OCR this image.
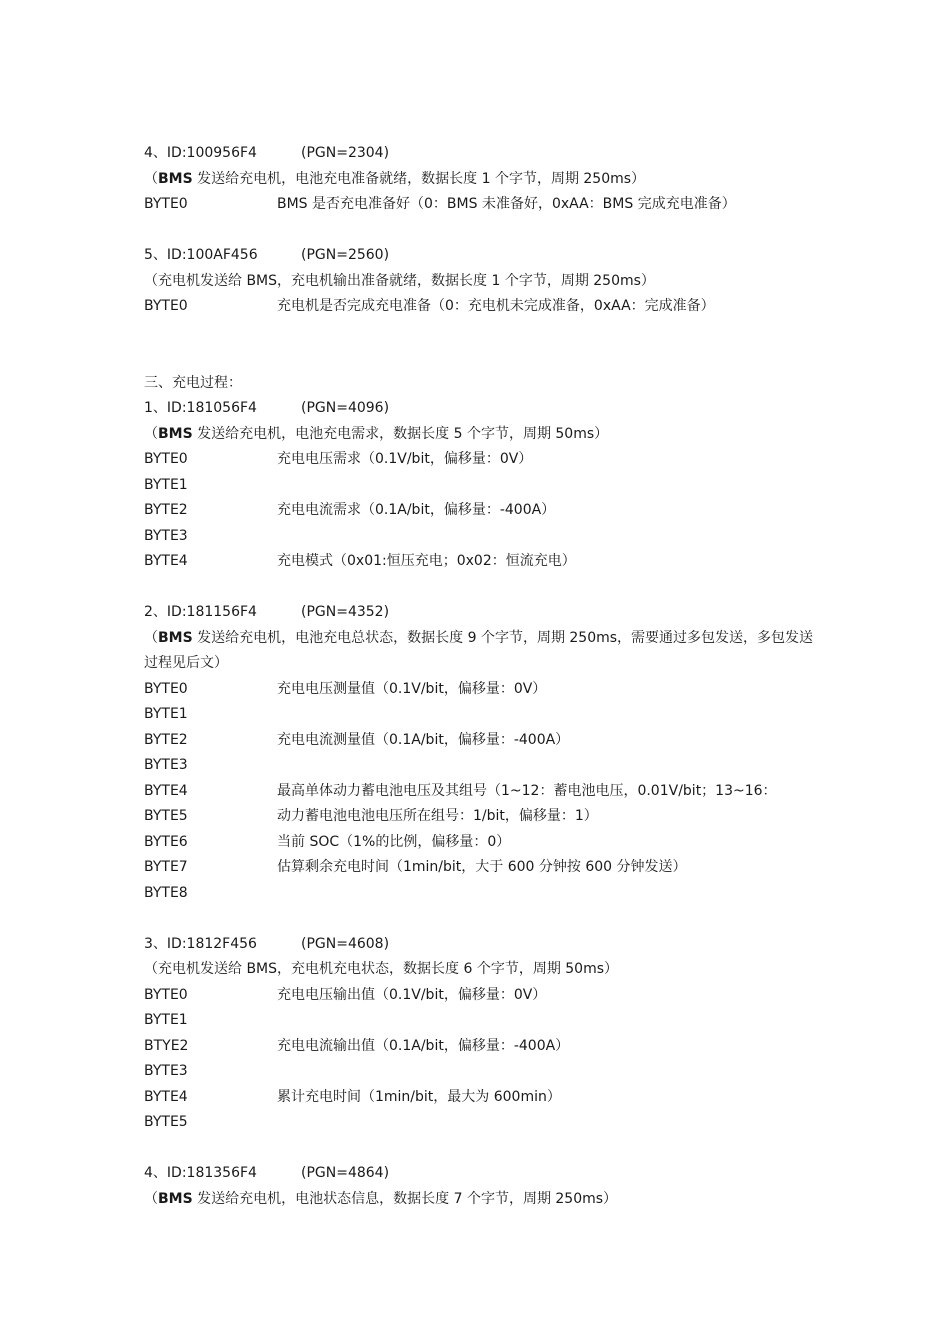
4、ID:100956F4	(PGN=2304)
（BMS 发送给充电机，电池充电准备就绪，数据长度 1 个字节，周期 250ms）
BYTE0	BMS 是否充电准备好（0：BMS 未准备好，0xAA：BMS 完成充电准备）
5、ID:100AF456	(PGN=2560)
（充电机发送给 BMS，充电机输出准备就绪，数据长度 1 个字节，周期 250ms）
BYTE0	充电机是否完成充电准备（0：充电机未完成准备，0xAA：完成准备）
三、充电过程：
1、ID:181056F4	(PGN=4096)
（BMS 发送给充电机，电池充电需求，数据长度 5 个字节，周期 50ms）
BYTE0	充电电压需求（0.1V/bit，偏移量：0V）
BYTE1
BYTE2	充电电流需求（0.1A/bit，偏移量：-400A）
BYTE3
BYTE4	充电模式（0x01:恒压充电；0x02：恒流充电）
2、ID:181156F4	(PGN=4352)
（BMS 发送给充电机，电池充电总状态，数据长度 9 个字节，周期 250ms，需要通过多包发送，多包发送过程见后文）
BYTE0	充电电压测量值（0.1V/bit，偏移量：0V）
BYTE1
BYTE2	充电电流测量值（0.1A/bit，偏移量：-400A）
BYTE3
BYTE4	最高单体动力蓄电池电压及其组号（1~12：蓄电池电压，0.01V/bit；13~16：
BYTE5	动力蓄电池电池电压所在组号：1/bit，偏移量：1）
BYTE6	当前 SOC（1%的比例，偏移量：0）
BYTE7	估算剩余充电时间（1min/bit，大于 600 分钟按 600 分钟发送）
BYTE8
3、ID:1812F456	(PGN=4608)
（充电机发送给 BMS，充电机充电状态，数据长度 6 个字节，周期 50ms）
BYTE0	充电电压输出值（0.1V/bit，偏移量：0V）
BYTE1
BTYE2	充电电流输出值（0.1A/bit，偏移量：-400A）
BYTE3
BYTE4	累计充电时间（1min/bit，最大为 600min）
BYTE5
4、ID:181356F4	(PGN=4864)
（BMS 发送给充电机，电池状态信息，数据长度 7 个字节，周期 250ms）
